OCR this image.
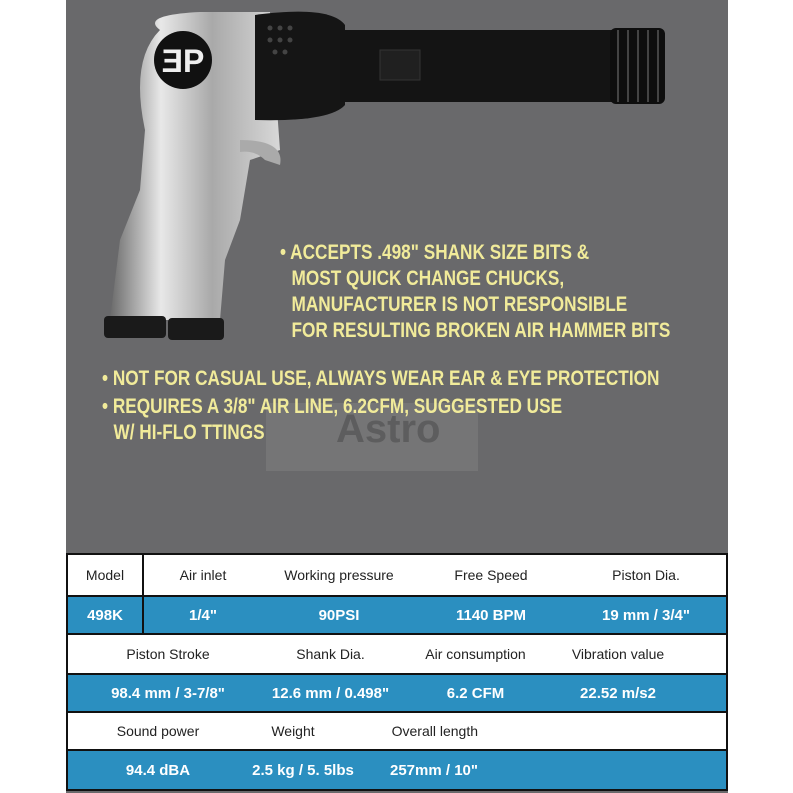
ƎP
Astro
• ACCEPTS .498" SHANK SIZE BITS &
MOST QUICK CHANGE CHUCKS,
MANUFACTURER IS NOT RESPONSIBLE
FOR RESULTING BROKEN AIR HAMMER BITS
• NOT FOR CASUAL USE, ALWAYS WEAR EAR & EYE PROTECTION
• REQUIRES A 3/8" AIR LINE, 6.2CFM, SUGGESTED USE
W/ HI-FLO TTINGS
Model	Air inlet	Working pressure	Free Speed	Piston Dia.
498K	1/4"	90PSI	1140 BPM	19 mm / 3/4"
Piston Stroke	Shank Dia.	Air consumption	Vibration value
98.4 mm / 3-7/8"	12.6 mm / 0.498"	6.2 CFM	22.52 m/s2
Sound power	Weight	Overall length
94.4 dBA	2.5 kg / 5. 5lbs	257mm / 10"
